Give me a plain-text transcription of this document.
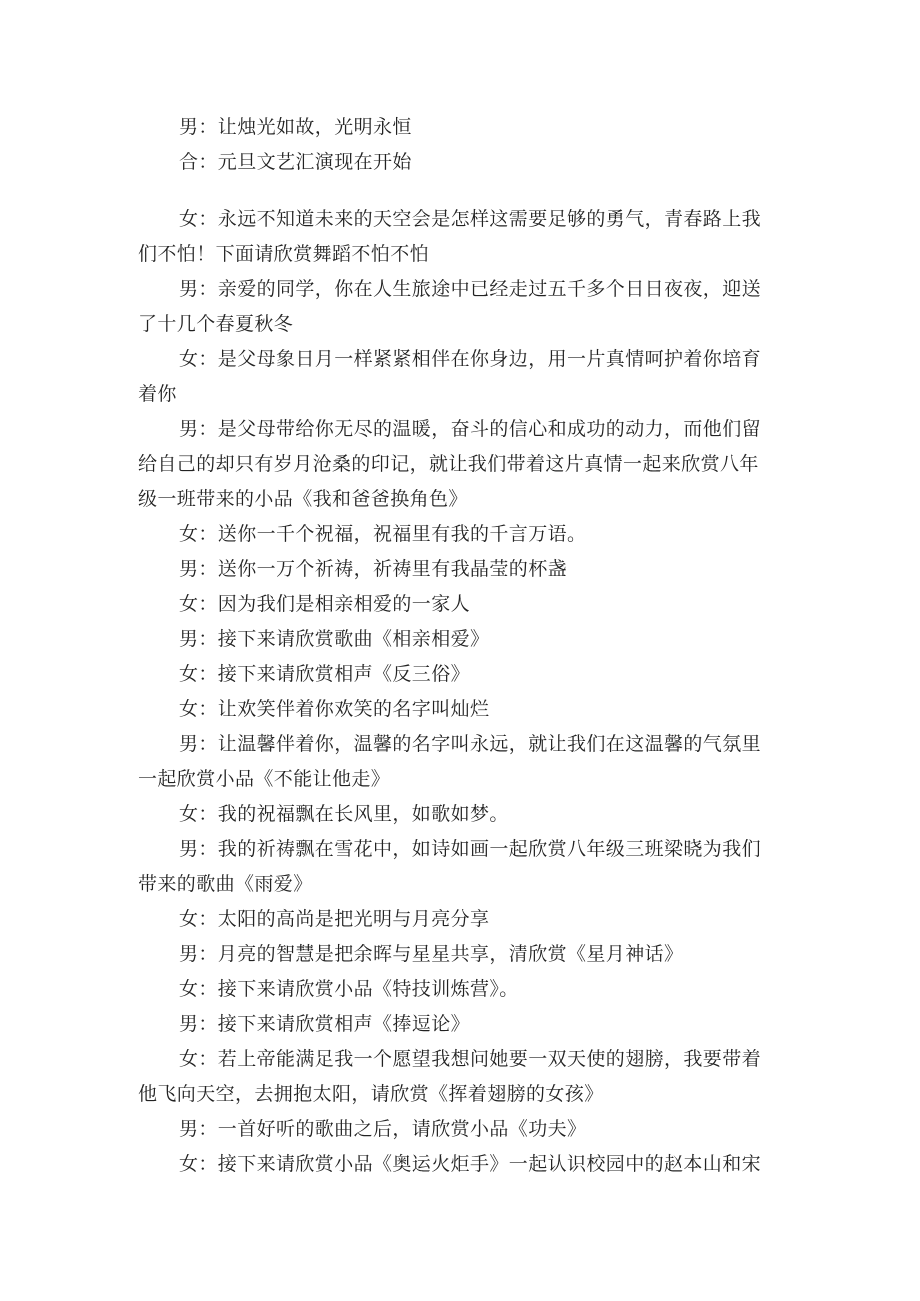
男：让烛光如故，光明永恒
合：元旦文艺汇演现在开始
女：永远不知道未来的天空会是怎样这需要足够的勇气，青春路上我
们不怕！下面请欣赏舞蹈不怕不怕
男：亲爱的同学，你在人生旅途中已经走过五千多个日日夜夜，迎送
了十几个春夏秋冬
女：是父母象日月一样紧紧相伴在你身边，用一片真情呵护着你培育
着你
男：是父母带给你无尽的温暖，奋斗的信心和成功的动力，而他们留
给自己的却只有岁月沧桑的印记，就让我们带着这片真情一起来欣赏八年
级一班带来的小品《我和爸爸换角色》
女：送你一千个祝福，祝福里有我的千言万语。
男：送你一万个祈祷，祈祷里有我晶莹的杯盏
女：因为我们是相亲相爱的一家人
男：接下来请欣赏歌曲《相亲相爱》
女：接下来请欣赏相声《反三俗》
女：让欢笑伴着你欢笑的名字叫灿烂
男：让温馨伴着你，温馨的名字叫永远，就让我们在这温馨的气氛里
一起欣赏小品《不能让他走》
女：我的祝福飘在长风里，如歌如梦。
男：我的祈祷飘在雪花中，如诗如画一起欣赏八年级三班梁晓为我们
带来的歌曲《雨爱》
女：太阳的高尚是把光明与月亮分享
男：月亮的智慧是把余晖与星星共享，清欣赏《星月神话》
女：接下来请欣赏小品《特技训炼营》。
男：接下来请欣赏相声《捧逗论》
女：若上帝能满足我一个愿望我想问她要一双天使的翅膀，我要带着
他飞向天空，去拥抱太阳，请欣赏《挥着翅膀的女孩》
男：一首好听的歌曲之后，请欣赏小品《功夫》
女：接下来请欣赏小品《奥运火炬手》一起认识校园中的赵本山和宋
